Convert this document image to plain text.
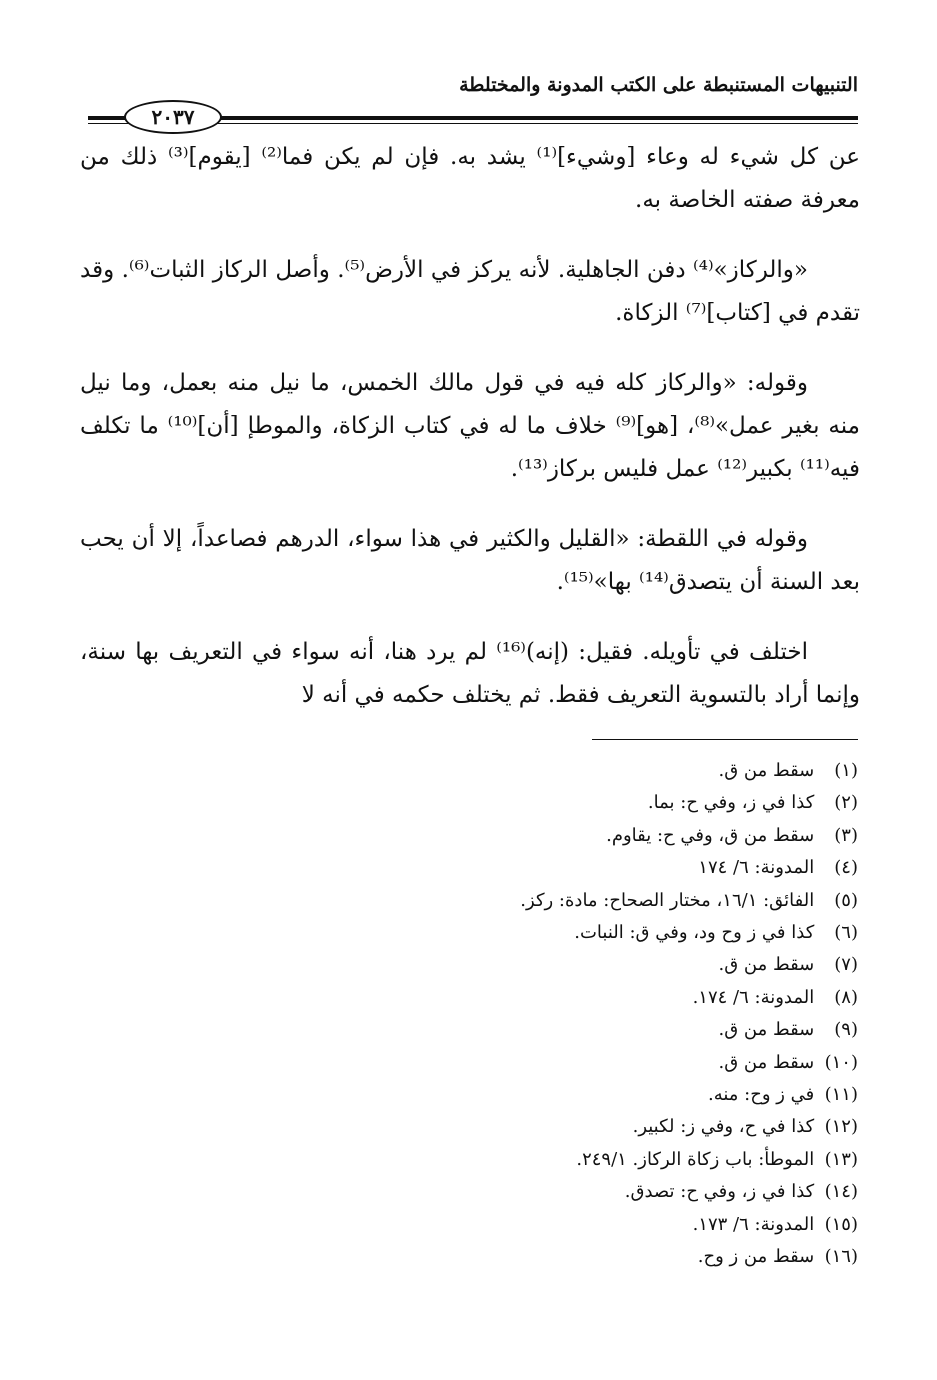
التنبيهات المستنبطة على الكتب المدونة والمختلطة
٢٠٣٧

عن كل شيء له وعاء [وشيء]⁽¹⁾ يشد به. فإن لم يكن فما⁽²⁾ [يقوم]⁽³⁾ ذلك من معرفة صفته الخاصة به.

«والركاز»⁽⁴⁾ دفن الجاهلية. لأنه يركز في الأرض⁽⁵⁾. وأصل الركاز الثبات⁽⁶⁾. وقد تقدم في [كتاب]⁽⁷⁾ الزكاة.

وقوله: «والركاز كله فيه في قول مالك الخمس، ما نيل منه بعمل، وما نيل منه بغير عمل»⁽⁸⁾، [هو]⁽⁹⁾ خلاف ما له في كتاب الزكاة، والموطإ [أن]⁽¹⁰⁾ ما تكلف فيه⁽¹¹⁾ بكبير⁽¹²⁾ عمل فليس بركاز⁽¹³⁾.

وقوله في اللقطة: «القليل والكثير في هذا سواء، الدرهم فصاعداً، إلا أن يحب بعد السنة أن يتصدق⁽¹⁴⁾ بها»⁽¹⁵⁾.

اختلف في تأويله. فقيل: (إنه)⁽¹⁶⁾ لم يرد هنا، أنه سواء في التعريف بها سنة، وإنما أراد بالتسوية التعريف فقط. ثم يختلف حكمه في أنه لا

(١) سقط من ق.
(٢) كذا في ز، وفي ح: بما.
(٣) سقط من ق، وفي ح: يقاوم.
(٤) المدونة: ٦/ ١٧٤
(٥) الفائق: ١٦/١، مختار الصحاح: مادة: ركز.
(٦) كذا في ز وح ود، وفي ق: النبات.
(٧) سقط من ق.
(٨) المدونة: ٦/ ١٧٤.
(٩) سقط من ق.
(١٠) سقط من ق.
(١١) في ز وح: منه.
(١٢) كذا في ح، وفي ز: لكبير.
(١٣) الموطأ: باب زكاة الركاز. ٢٤٩/١.
(١٤) كذا في ز، وفي ح: تصدق.
(١٥) المدونة: ٦/ ١٧٣.
(١٦) سقط من ز وح.
